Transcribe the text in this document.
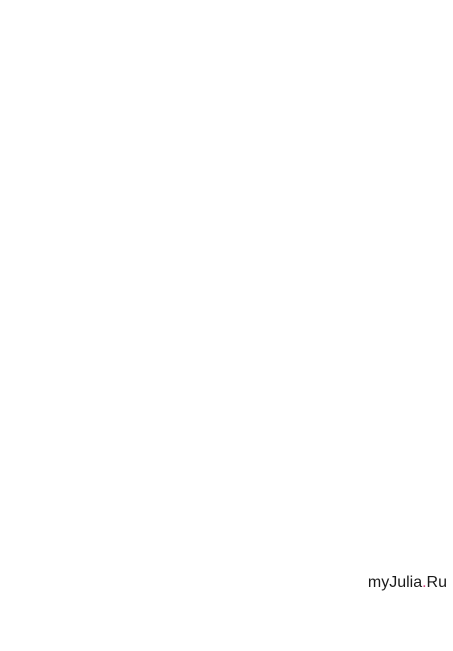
myJulia.Ru
